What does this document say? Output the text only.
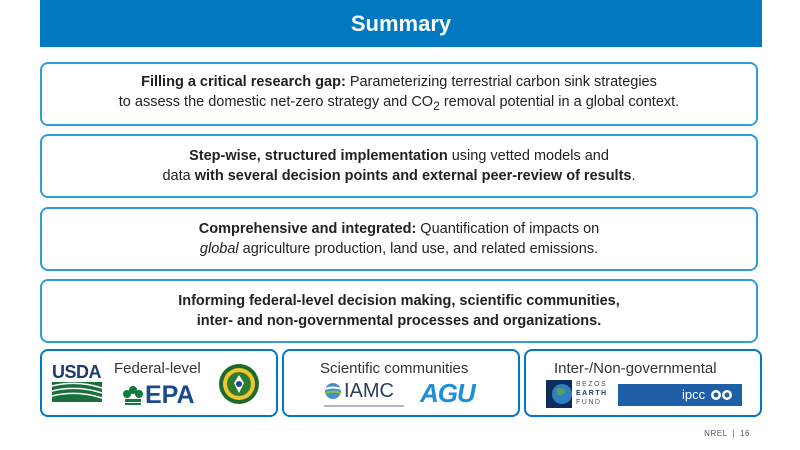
Summary
Filling a critical research gap: Parameterizing terrestrial carbon sink strategies
to assess the domestic net-zero strategy and $CO_2$ removal potential in a global context.
Step-wise, structured implementation using vetted models and
data with several decision points and external peer-review of results.
Comprehensive and integrated: Quantification of impacts on
global agriculture production, land use, and related emissions.
Informing federal-level decision making, scientific communities,
inter- and non-governmental processes and organizations.
Federal-level
USDA
EPA
Scientific communities
IAMC AGU
Inter-/Non-governmental
BEZOS
EARTH
FUND
ipcc
NREL | 16
